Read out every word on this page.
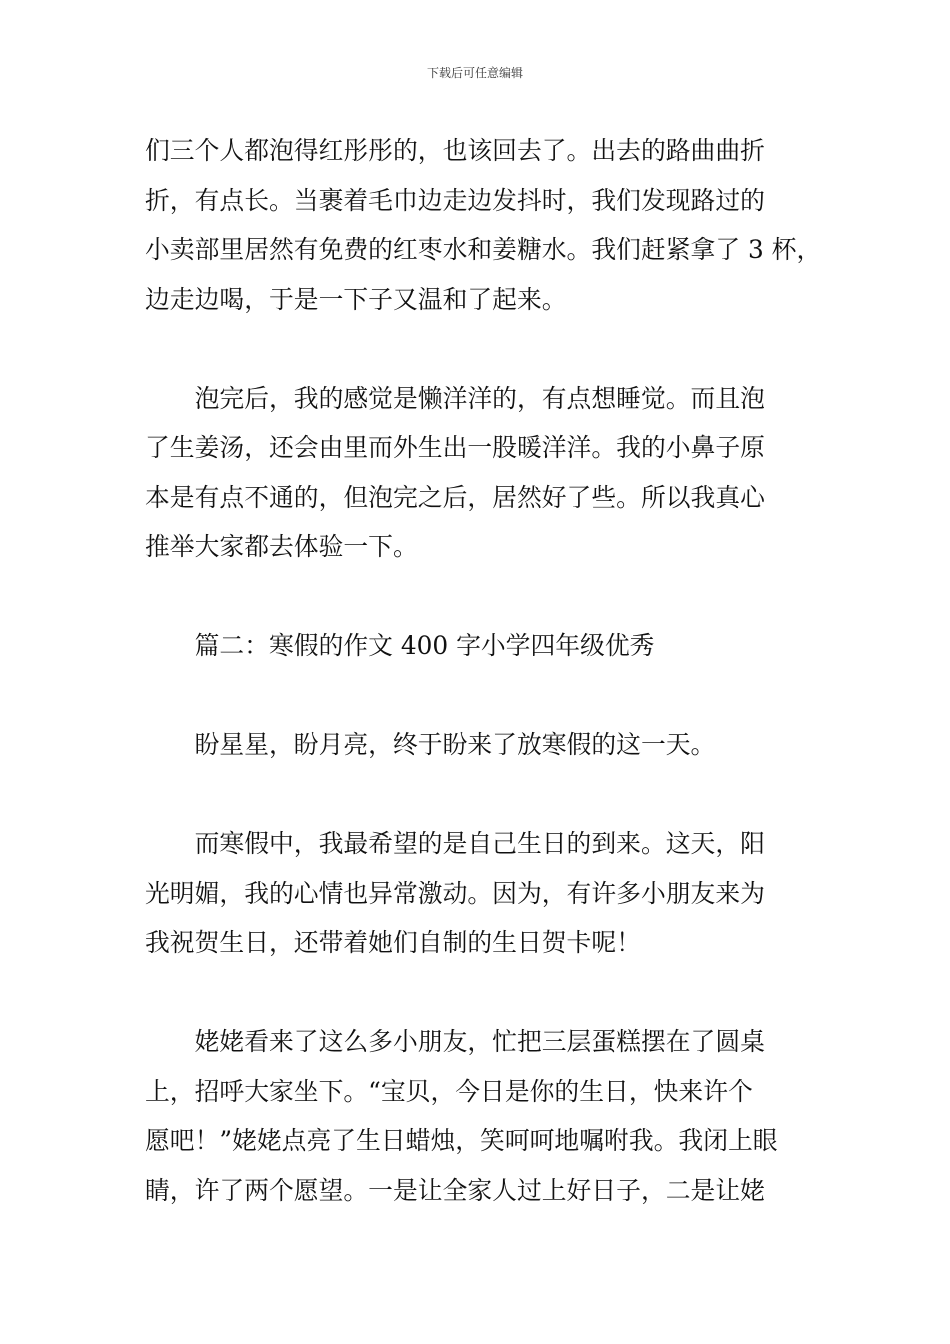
下载后可任意编辑

们三个人都泡得红彤彤的，也该回去了。出去的路曲曲折
折，有点长。当裹着毛巾边走边发抖时，我们发现路过的
小卖部里居然有免费的红枣水和姜糖水。我们赶紧拿了 3 杯，
边走边喝，于是一下子又温和了起来。

　　泡完后，我的感觉是懒洋洋的，有点想睡觉。而且泡
了生姜汤，还会由里而外生出一股暖洋洋。我的小鼻子原
本是有点不通的，但泡完之后，居然好了些。所以我真心
推举大家都去体验一下。

　　篇二：寒假的作文 400 字小学四年级优秀

　　盼星星，盼月亮，终于盼来了放寒假的这一天。

　　而寒假中，我最希望的是自己生日的到来。这天，阳
光明媚，我的心情也异常激动。因为，有许多小朋友来为
我祝贺生日，还带着她们自制的生日贺卡呢！

　　姥姥看来了这么多小朋友，忙把三层蛋糕摆在了圆桌
上，招呼大家坐下。“宝贝，今日是你的生日，快来许个
愿吧！”姥姥点亮了生日蜡烛，笑呵呵地嘱咐我。我闭上眼
睛，许了两个愿望。一是让全家人过上好日子，二是让姥
